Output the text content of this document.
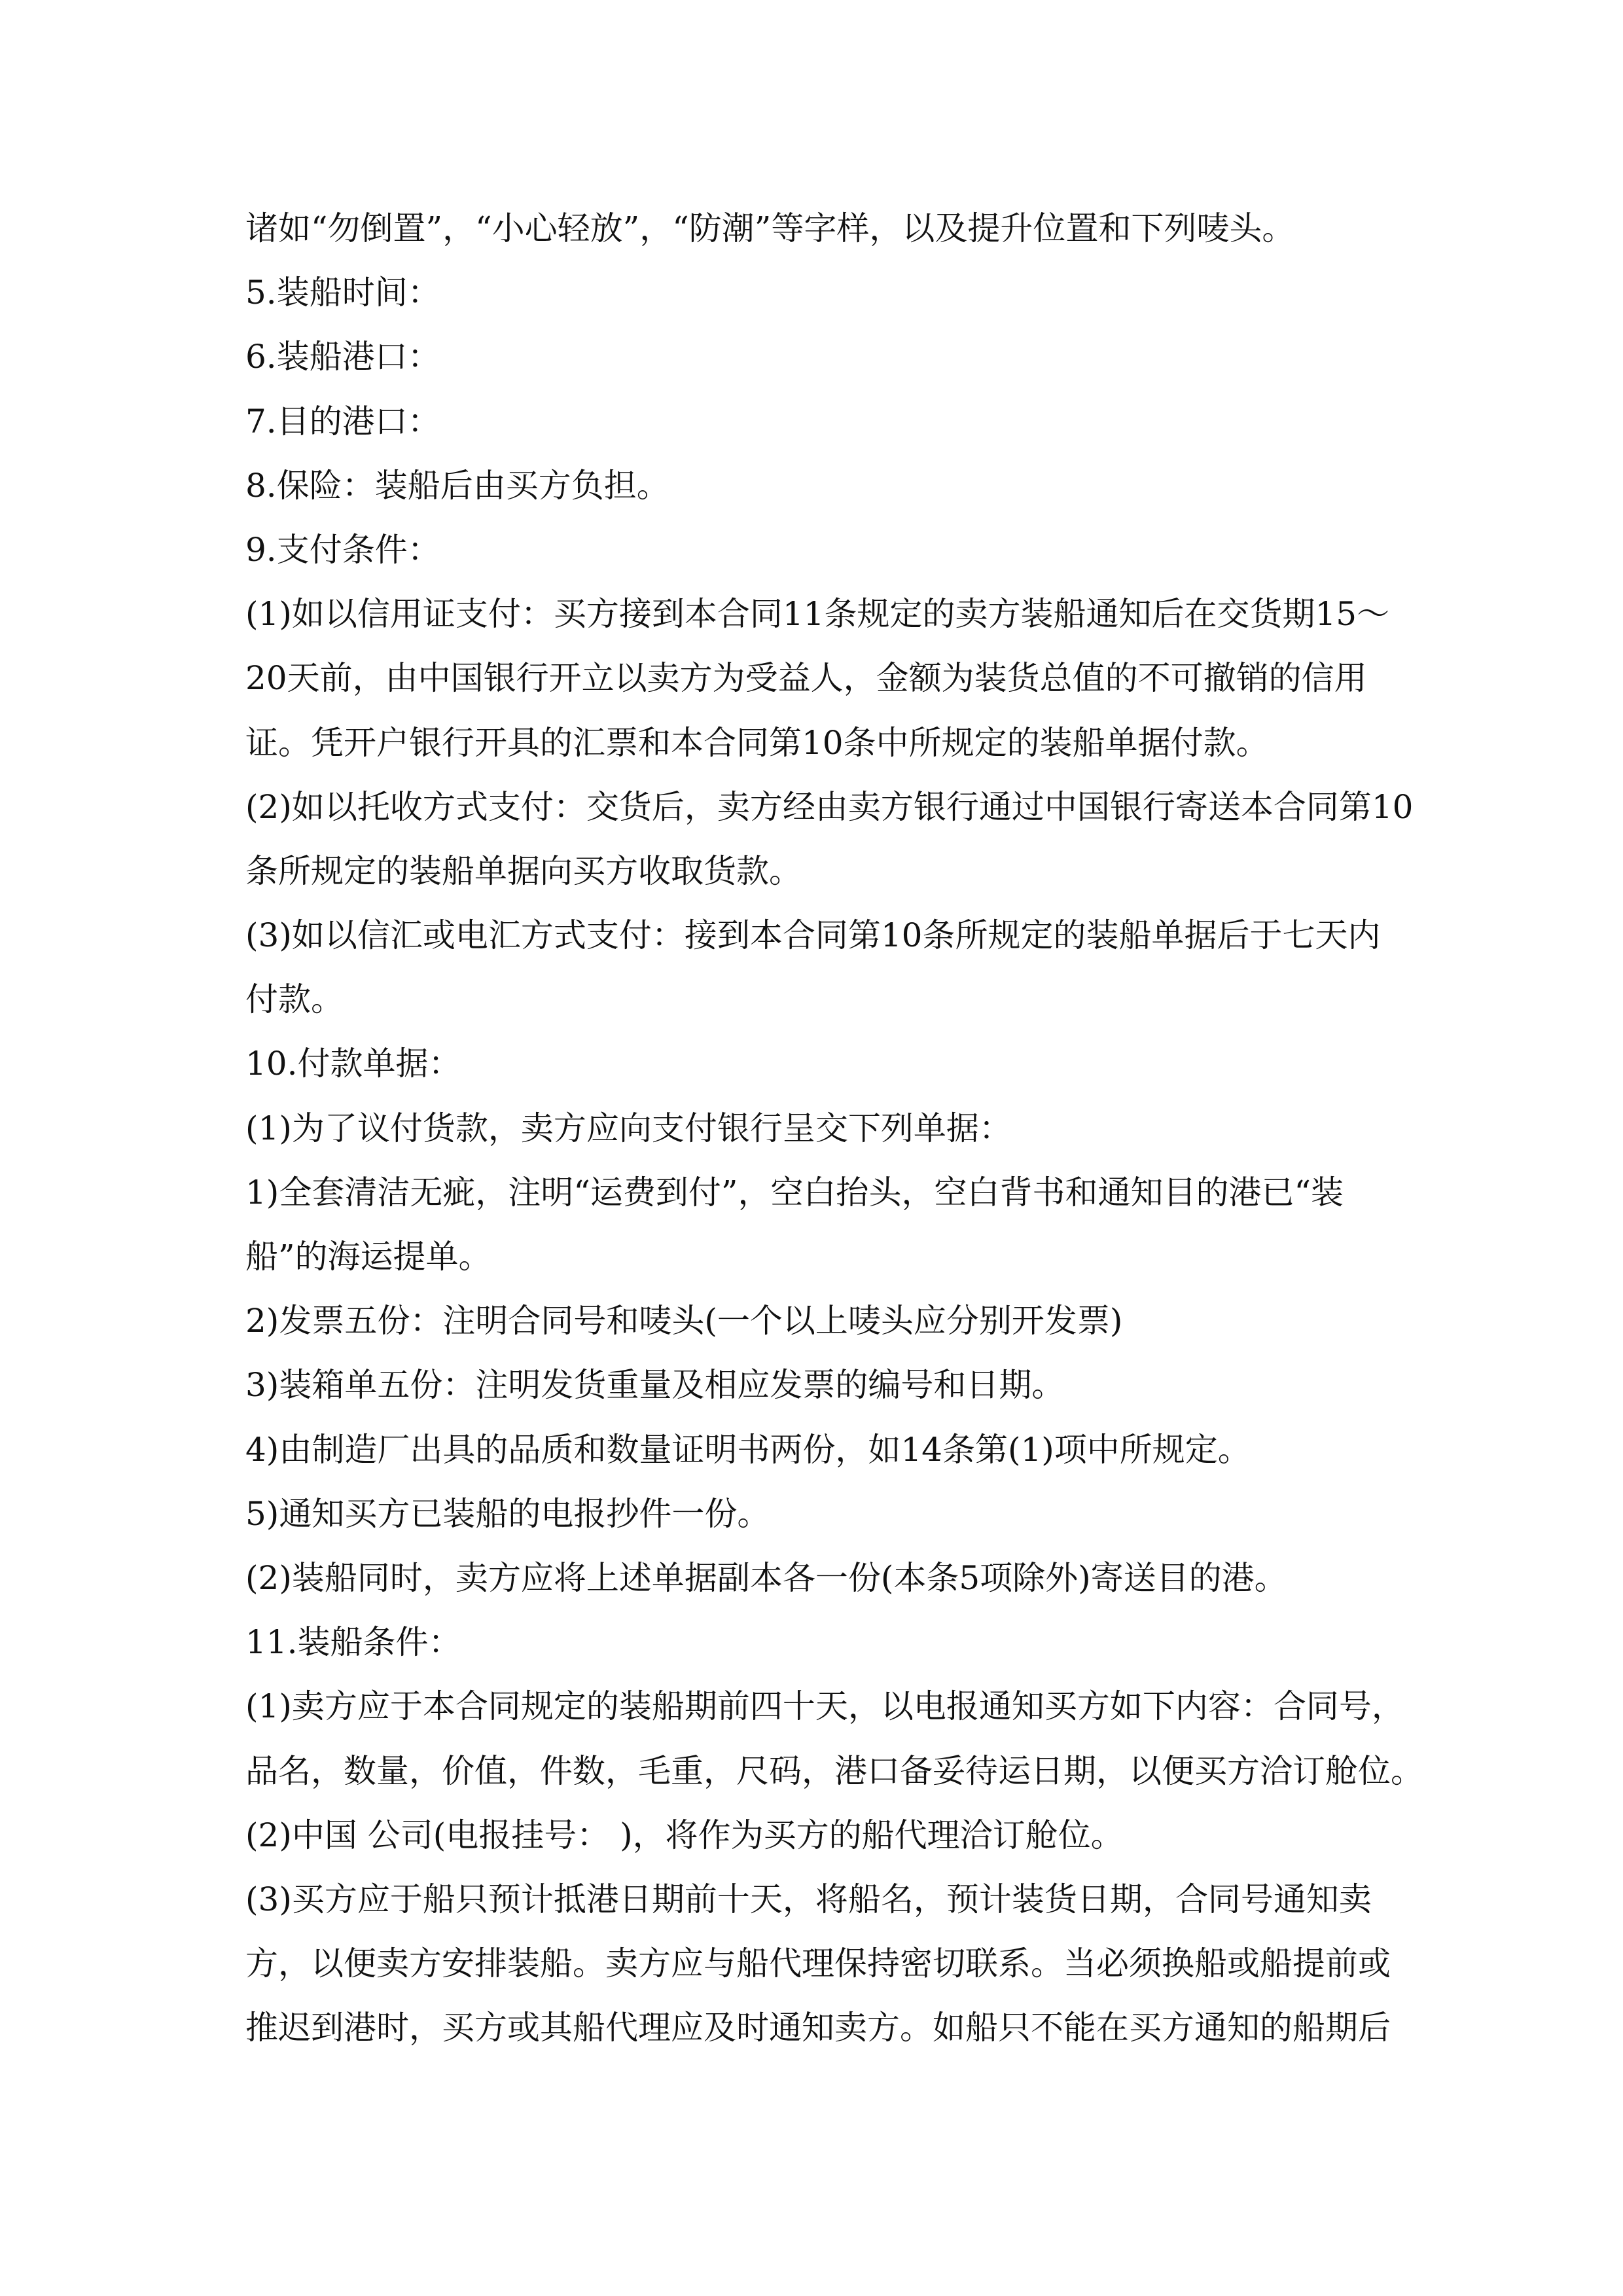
诸如“勿倒置”，“小心轻放”，“防潮”等字样，以及提升位置和下列唛头。
5.装船时间：
6.装船港口：
7.目的港口：
8.保险：装船后由买方负担。
9.支付条件：
(1)如以信用证支付：买方接到本合同11条规定的卖方装船通知后在交货期15～
20天前，由中国银行开立以卖方为受益人，金额为装货总值的不可撤销的信用
证。凭开户银行开具的汇票和本合同第10条中所规定的装船单据付款。
(2)如以托收方式支付：交货后，卖方经由卖方银行通过中国银行寄送本合同第10
条所规定的装船单据向买方收取货款。
(3)如以信汇或电汇方式支付：接到本合同第10条所规定的装船单据后于七天内
付款。
10.付款单据：
(1)为了议付货款，卖方应向支付银行呈交下列单据：
1)全套清洁无疵，注明“运费到付”，空白抬头，空白背书和通知目的港已“装
船”的海运提单。
2)发票五份：注明合同号和唛头(一个以上唛头应分别开发票)
3)装箱单五份：注明发货重量及相应发票的编号和日期。
4)由制造厂出具的品质和数量证明书两份，如14条第(1)项中所规定。
5)通知买方已装船的电报抄件一份。
(2)装船同时，卖方应将上述单据副本各一份(本条5项除外)寄送目的港。
11.装船条件：
(1)卖方应于本合同规定的装船期前四十天，以电报通知买方如下内容：合同号，
品名，数量，价值，件数，毛重，尺码，港口备妥待运日期，以便买方洽订舱位。
(2)中国 公司(电报挂号： )，将作为买方的船代理洽订舱位。
(3)买方应于船只预计抵港日期前十天，将船名，预计装货日期，合同号通知卖
方，以便卖方安排装船。卖方应与船代理保持密切联系。当必须换船或船提前或
推迟到港时，买方或其船代理应及时通知卖方。如船只不能在买方通知的船期后
